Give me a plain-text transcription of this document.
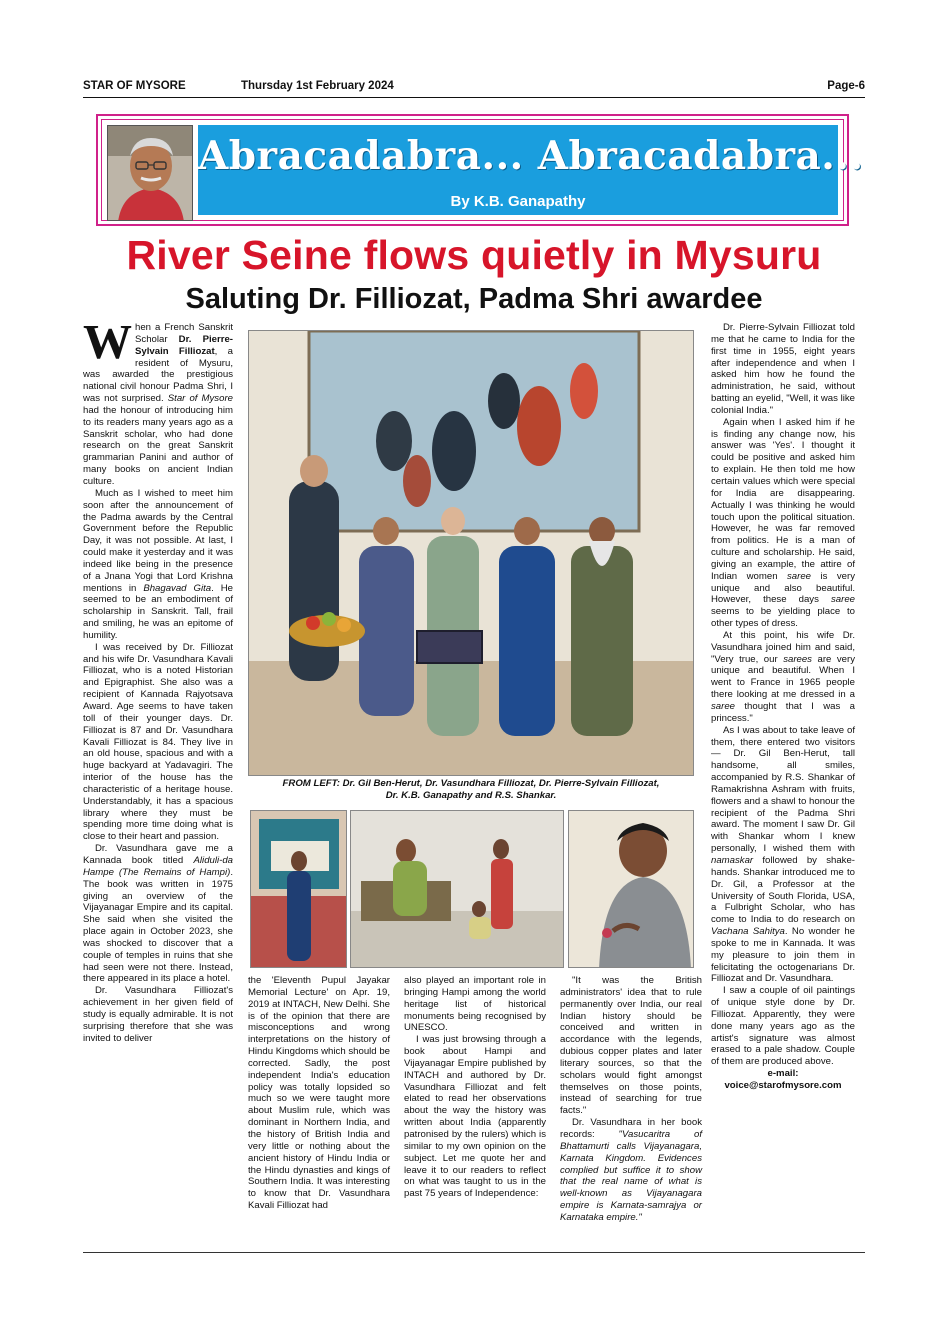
STAR OF MYSORE	Thursday 1st February 2024	Page-6
Abracadabra... Abracadabra...
By K.B. Ganapathy
River Seine flows quietly in Mysuru
Saluting Dr. Filliozat, Padma Shri awardee

When a French Sanskrit Scholar Dr. Pierre-Sylvain Filliozat, a resident of Mysuru, was awarded the prestigious national civil honour Padma Shri, I was not surprised. Star of Mysore had the honour of introducing him to its readers many years ago as a Sanskrit scholar, who had done research on the great Sanskrit grammarian Panini and author of many books on ancient Indian culture.

Much as I wished to meet him soon after the announcement of the Padma awards by the Central Government before the Republic Day, it was not possible. At last, I could make it yesterday and it was indeed like being in the presence of a Jnana Yogi that Lord Krishna mentions in Bhagavad Gita. He seemed to be an embodiment of scholarship in Sanskrit. Tall, frail and smiling, he was an epitome of humility.

I was received by Dr. Filliozat and his wife Dr. Vasundhara Kavali Filliozat, who is a noted Historian and Epigraphist. She also was a recipient of Kannada Rajyotsava Award. Age seems to have taken toll of their younger days. Dr. Filliozat is 87 and Dr. Vasundhara Kavali Filliozat is 84. They live in an old house, spacious and with a huge backyard at Yadavagiri. The interior of the house has the characteristic of a heritage house. Understandably, it has a spacious library where they must be spending more time doing what is close to their heart and passion.

Dr. Vasundhara gave me a Kannada book titled Aliduli-da Hampe (The Remains of Hampi). The book was written in 1975 giving an overview of the Vijayanagar Empire and its capital. She said when she visited the place again in October 2023, she was shocked to discover that a couple of temples in ruins that she had seen were not there. Instead, there appeared in its place a hotel.

Dr. Vasundhara Filliozat's achievement in her given field of study is equally admirable. It is not surprising therefore that she was invited to deliver

FROM LEFT: Dr. Gil Ben-Herut, Dr. Vasundhara Filliozat, Dr. Pierre-Sylvain Filliozat,
Dr. K.B. Ganapathy and R.S. Shankar.

the 'Eleventh Pupul Jayakar Memorial Lecture' on Apr. 19, 2019 at INTACH, New Delhi. She is of the opinion that there are misconceptions and wrong interpretations on the history of Hindu Kingdoms which should be corrected. Sadly, the post independent India's education policy was totally lopsided so much so we were taught more about Muslim rule, which was dominant in Northern India, and the history of British India and very little or nothing about the ancient history of Hindu India or the Hindu dynasties and kings of Southern India. It was interesting to know that Dr. Vasundhara Kavali Filliozat had

also played an important role in bringing Hampi among the world heritage list of historical monuments being recognised by UNESCO.

I was just browsing through a book about Hampi and Vijayanagar Empire published by INTACH and authored by Dr. Vasundhara Filliozat and felt elated to read her observations about the way the history was written about India (apparently patronised by the rulers) which is similar to my own opinion on the subject. Let me quote her and leave it to our readers to reflect on what was taught to us in the past 75 years of Independence:

"It was the British administrators' idea that to rule permanently over India, our real Indian history should be conceived and written in accordance with the legends, dubious copper plates and later literary sources, so that the scholars would fight amongst themselves on those points, instead of searching for true facts."

Dr. Vasundhara in her book records: "Vasucaritra of Bhattamurti calls Vijayanagara, Karnata Kingdom. Evidences complied but suffice it to show that the real name of what is well-known as Vijayanagara empire is Karnata-samrajya or Karnataka empire."

Dr. Pierre-Sylvain Filliozat told me that he came to India for the first time in 1955, eight years after independence and when I asked him how he found the administration, he said, without batting an eyelid, "Well, it was like colonial India."

Again when I asked him if he is finding any change now, his answer was 'Yes'. I thought it could be positive and asked him to explain. He then told me how certain values which were special for India are disappearing. Actually I was thinking he would touch upon the political situation. However, he was far removed from politics. He is a man of culture and scholarship. He said, giving an example, the attire of Indian women saree is very unique and also beautiful. However, these days saree seems to be yielding place to other types of dress.

At this point, his wife Dr. Vasundhara joined him and said, "Very true, our sarees are very unique and beautiful. When I went to France in 1965 people there looking at me dressed in a saree thought that I was a princess."

As I was about to take leave of them, there entered two visitors — Dr. Gil Ben-Herut, tall handsome, all smiles, accompanied by R.S. Shankar of Ramakrishna Ashram with fruits, flowers and a shawl to honour the recipient of the Padma Shri award. The moment I saw Dr. Gil with Shankar whom I knew personally, I wished them with namaskar followed by shake-hands. Shankar introduced me to Dr. Gil, a Professor at the University of South Florida, USA, a Fulbright Scholar, who has come to India to do research on Vachana Sahitya. No wonder he spoke to me in Kannada. It was my pleasure to join them in felicitating the octogenarians Dr. Filliozat and Dr. Vasundhara.

I saw a couple of oil paintings of unique style done by Dr. Filliozat. Apparently, they were done many years ago as the artist's signature was almost erased to a pale shadow. Couple of them are produced above.

e-mail:
voice@starofmysore.com
